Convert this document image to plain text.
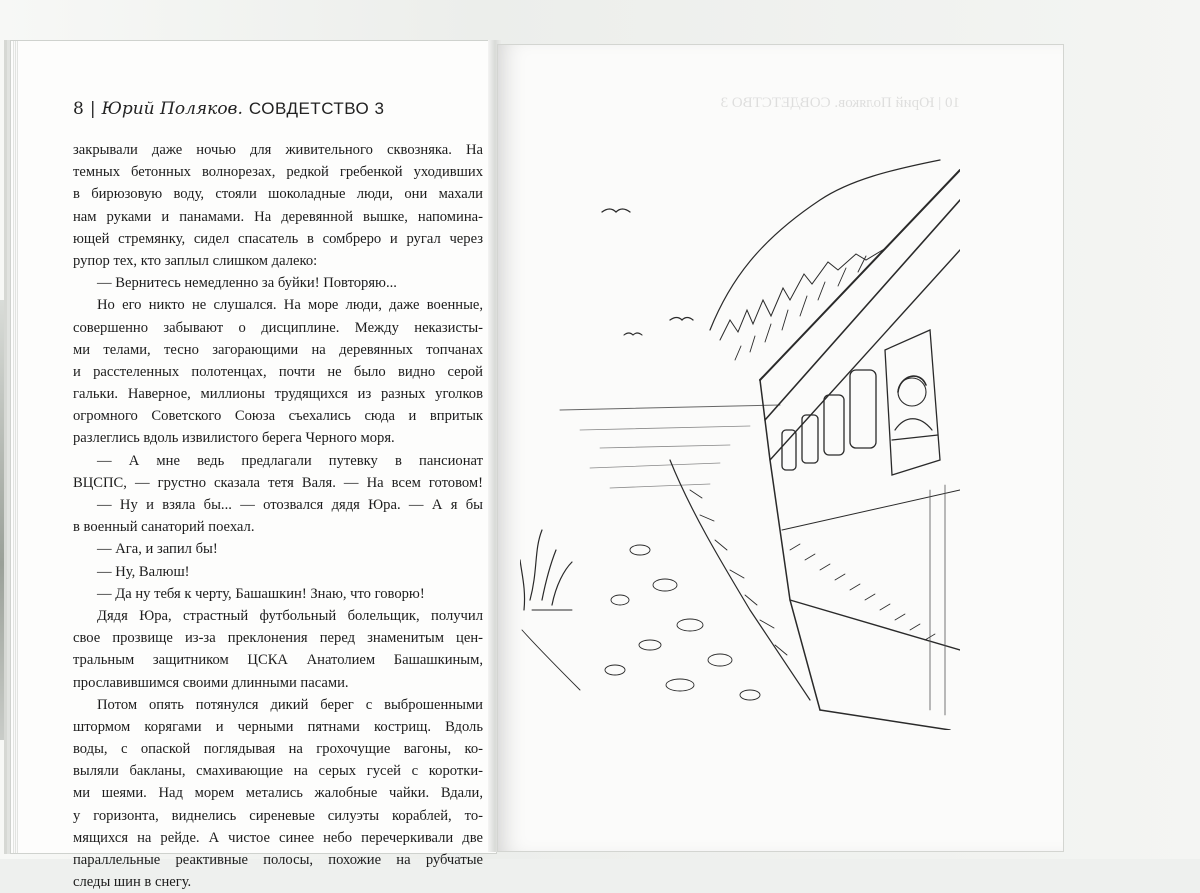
8 | Юрий Поляков. СОВДЕТСТВО 3
закрывали даже ночью для живительного сквозняка. На
темных бетонных волнорезах, редкой гребенкой уходивших
в бирюзовую воду, стояли шоколадные люди, они махали
нам руками и панамами. На деревянной вышке, напомина-
ющей стремянку, сидел спасатель в сомбреро и ругал через
рупор тех, кто заплыл слишком далеко:
— Вернитесь немедленно за буйки! Повторяю...
Но его никто не слушался. На море люди, даже военные,
совершенно забывают о дисциплине. Между неказисты-
ми телами, тесно загорающими на деревянных топчанах
и расстеленных полотенцах, почти не было видно серой
гальки. Наверное, миллионы трудящихся из разных уголков
огромного Советского Союза съехались сюда и впритык
разлеглись вдоль извилистого берега Черного моря.
— А мне ведь предлагали путевку в пансионат
ВЦСПС, — грустно сказала тетя Валя. — На всем готовом!
— Ну и взяла бы... — отозвался дядя Юра. — А я бы
в военный санаторий поехал.
— Ага, и запил бы!
— Ну, Валюш!
— Да ну тебя к черту, Башашкин! Знаю, что говорю!
Дядя Юра, страстный футбольный болельщик, получил
свое прозвище из-за преклонения перед знаменитым цен-
тральным защитником ЦСКА Анатолием Башашкиным,
прославившимся своими длинными пасами.
Потом опять потянулся дикий берег с выброшенными
штормом корягами и черными пятнами кострищ. Вдоль
воды, с опаской поглядывая на грохочущие вагоны, ко-
выляли бакланы, смахивающие на серых гусей с коротки-
ми шеями. Над морем метались жалобные чайки. Вдали,
у горизонта, виднелись сиреневые силуэты кораблей, то-
мящихся на рейде. А чистое синее небо перечеркивали две
параллельные реактивные полосы, похожие на рубчатые
следы шин в снегу.
10 | Юрий Поляков. СОВДЕТСТВО 3
